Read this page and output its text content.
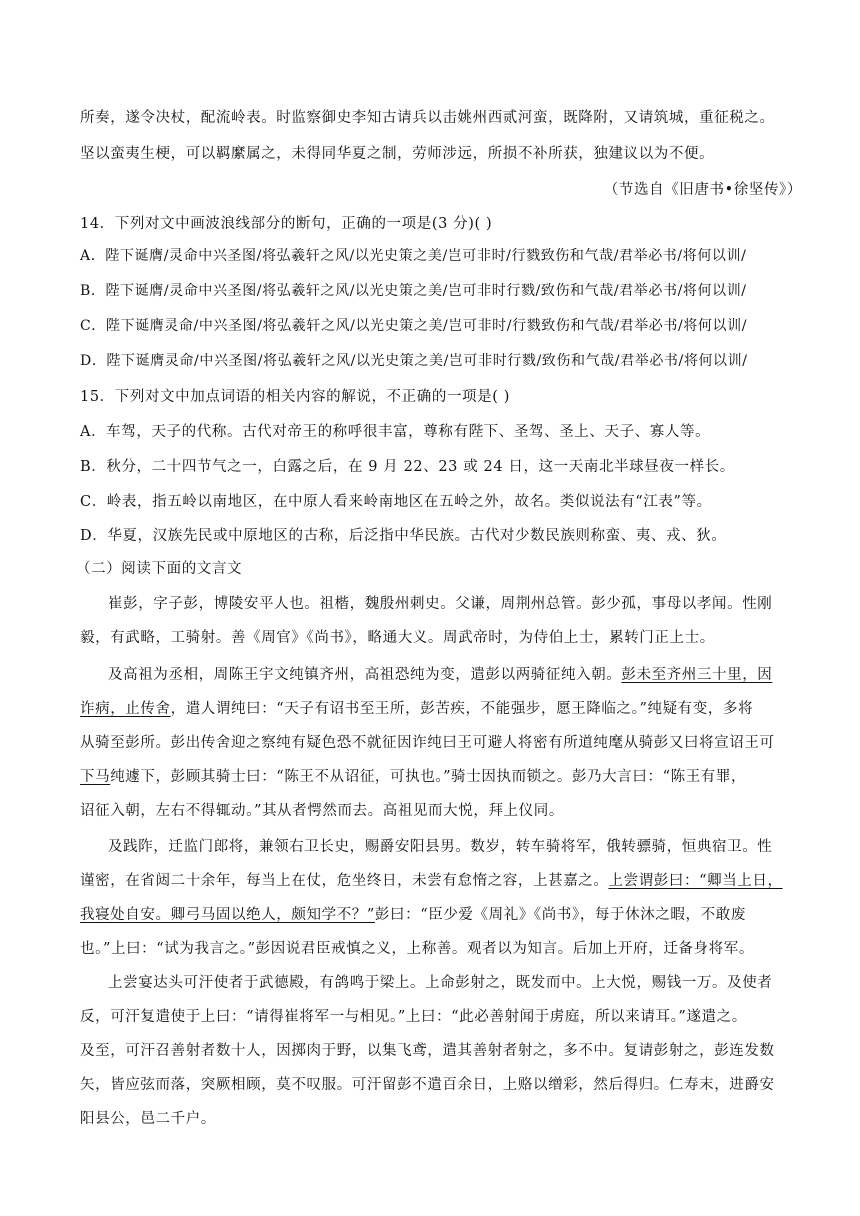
所奏，遂令决杖，配流岭表。时监察御史李知古请兵以击姚州西贰河蛮，既降附，又请筑城，重征税之。
坚以蛮夷生梗，可以羁縻属之，未得同华夏之制，劳师涉远，所损不补所获，独建议以为不便。
（节选自《旧唐书•徐坚传》）
14．下列对文中画波浪线部分的断句，正确的一项是(3 分)( )
A．陛下诞膺/灵命中兴圣图/将弘羲轩之风/以光史策之美/岂可非时/行戮致伤和气哉/君举必书/将何以训/
B．陛下诞膺/灵命中兴圣图/将弘羲轩之风/以光史策之美/岂可非时行戮/致伤和气哉/君举必书/将何以训/
C．陛下诞膺灵命/中兴圣图/将弘羲轩之风/以光史策之美/岂可非时/行戮致伤和气哉/君举必书/将何以训/
D．陛下诞膺灵命/中兴圣图/将弘羲轩之风/以光史策之美/岂可非时行戮/致伤和气哉/君举必书/将何以训/
15．下列对文中加点词语的相关内容的解说，不正确的一项是( )
A．车驾，天子的代称。古代对帝王的称呼很丰富，尊称有陛下、圣驾、圣上、天子、寡人等。
B．秋分，二十四节气之一，白露之后，在 9 月 22、23 或 24 日，这一天南北半球昼夜一样长。
C．岭表，指五岭以南地区，在中原人看来岭南地区在五岭之外，故名。类似说法有“江表”等。
D．华夏，汉族先民或中原地区的古称，后泛指中华民族。古代对少数民族则称蛮、夷、戎、狄。
（二）阅读下面的文言文
崔彭，字子彭，博陵安平人也。祖楷，魏殷州刺史。父谦，周荆州总管。彭少孤，事母以孝闻。性刚
毅，有武略，工骑射。善《周官》《尚书》，略通大义。周武帝时，为侍伯上士，累转门正上士。
及高祖为丞相，周陈王宇文纯镇齐州，高祖恐纯为变，遣彭以两骑征纯入朝。彭未至齐州三十里，因
诈病，止传舍，遣人谓纯曰：“天子有诏书至王所，彭苦疾，不能强步，愿王降临之。”纯疑有变，多将
从骑至彭所。彭出传舍迎之察纯有疑色恐不就征因诈纯曰王可避人将密有所道纯麾从骑彭又曰将宣诏王可
下马纯遽下，彭顾其骑士曰：“陈王不从诏征，可执也。”骑士因执而锁之。彭乃大言曰：“陈王有罪，
诏征入朝，左右不得辄动。”其从者愕然而去。高祖见而大悦，拜上仪同。
及践阼，迁监门郎将，兼领右卫长史，赐爵安阳县男。数岁，转车骑将军，俄转骠骑，恒典宿卫。性
谨密，在省闼二十余年，每当上在仗，危坐终日，未尝有怠惰之容，上甚嘉之。上尝谓彭曰：“卿当上日，
我寝处自安。卿弓马固以绝人，颇知学不？”彭曰：“臣少爱《周礼》《尚书》，每于休沐之暇，不敢废
也。”上曰：“试为我言之。”彭因说君臣戒慎之义，上称善。观者以为知言。后加上开府，迁备身将军。
上尝宴达头可汗使者于武德殿，有鸽鸣于梁上。上命彭射之，既发而中。上大悦，赐钱一万。及使者
反，可汗复遣使于上曰：“请得崔将军一与相见。”上曰：“此必善射闻于虏庭，所以来请耳。”遂遣之。
及至，可汗召善射者数十人，因掷肉于野，以集飞鸢，遣其善射者射之，多不中。复请彭射之，彭连发数
矢，皆应弦而落，突厥相顾，莫不叹服。可汗留彭不遣百余日，上赂以缯彩，然后得归。仁寿末，进爵安
阳县公，邑二千户。
